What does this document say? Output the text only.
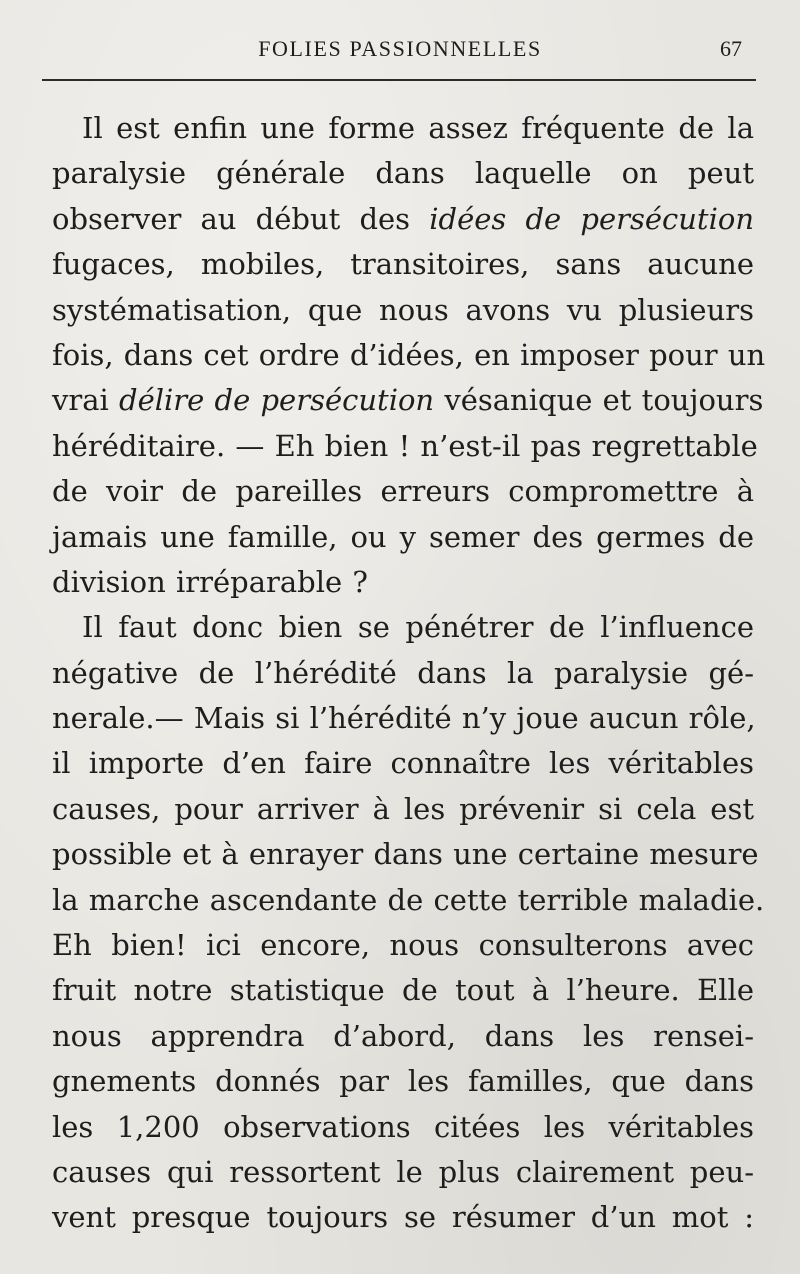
FOLIES PASSIONNELLES	67
Il est enfin une forme assez fréquente de la
paralysie générale dans laquelle on peut
observer au début des idées de persécution
fugaces, mobiles, transitoires, sans aucune
systématisation, que nous avons vu plusieurs
fois, dans cet ordre d’idées, en imposer pour un
vrai délire de persécution vésanique et toujours
héréditaire. — Eh bien ! n’est-il pas regrettable
de voir de pareilles erreurs compromettre à
jamais une famille, ou y semer des germes de
division irréparable ?
Il faut donc bien se pénétrer de l’influence
négative de l’hérédité dans la paralysie gé-
nerale.— Mais si l’hérédité n’y joue aucun rôle,
il importe d’en faire connaître les véritables
causes, pour arriver à les prévenir si cela est
possible et à enrayer dans une certaine mesure
la marche ascendante de cette terrible maladie.
Eh bien! ici encore, nous consulterons avec
fruit notre statistique de tout à l’heure. Elle
nous apprendra d’abord, dans les rensei-
gnements donnés par les familles, que dans
les 1,200 observations citées les véritables
causes qui ressortent le plus clairement peu-
vent presque toujours se résumer d’un mot :
